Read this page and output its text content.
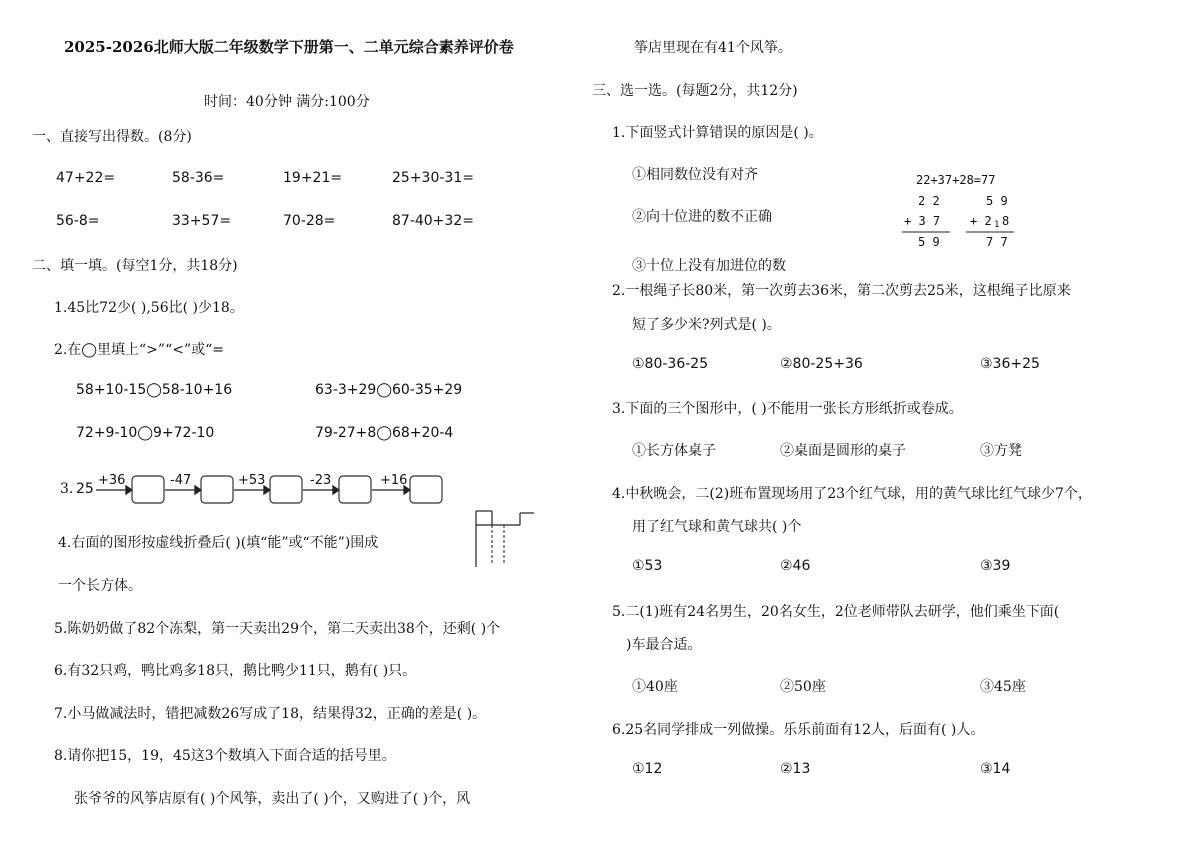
2025-2026北师大版二年级数学下册第一、二单元综合素养评价卷
时间：40分钟 满分:100分
一、直接写出得数。(8分)
47+22=	58-36=	19+21=	25+30-31=
56-8=	33+57=	70-28=	87-40+32=
二、填一填。(每空1分，共18分)
1.45比72少( ),56比( )少18。
2.在◯里填上“>”“<”或“=
58+10-15◯58-10+16	63-3+29◯60-35+29
72+9-10◯9+72-10	79-27+8◯68+20-4
3. 25
+36	-47	+53	-23	+16
4.右面的图形按虚线折叠后( )(填“能”或“不能”)围成
一个长方体。
5.陈奶奶做了82个冻梨，第一天卖出29个，第二天卖出38个，还剩( )个
6.有32只鸡，鸭比鸡多18只，鹅比鸭少11只，鹅有( )只。
7.小马做减法时，错把减数26写成了18，结果得32，正确的差是( )。
8.请你把15，19，45这3个数填入下面合适的括号里。
张爷爷的风筝店原有( )个风筝，卖出了( )个，又购进了( )个，风
筝店里现在有41个风筝。
三、选一选。(每题2分，共12分)
1.下面竖式计算错误的原因是( )。
①相同数位没有对齐
②向十位进的数不正确
③十位上没有加进位的数
22+37+28=77
2 2
+ 3 7
5 9
5 9
+ 2 1 8
7 7
2.一根绳子长80米，第一次剪去36米，第二次剪去25米，这根绳子比原来
短了多少米?列式是( )。
①80-36-25	②80-25+36	③36+25
3.下面的三个图形中，( )不能用一张长方形纸折或卷成。
①长方体桌子	②桌面是圆形的桌子	③方凳
4.中秋晚会，二(2)班布置现场用了23个红气球，用的黄气球比红气球少7个，
用了红气球和黄气球共( )个
①53	②46	③39
5.二(1)班有24名男生，20名女生，2位老师带队去研学，他们乘坐下面(
)车最合适。
①40座	②50座	③45座
6.25名同学排成一列做操。乐乐前面有12人，后面有( )人。
①12	②13	③14
